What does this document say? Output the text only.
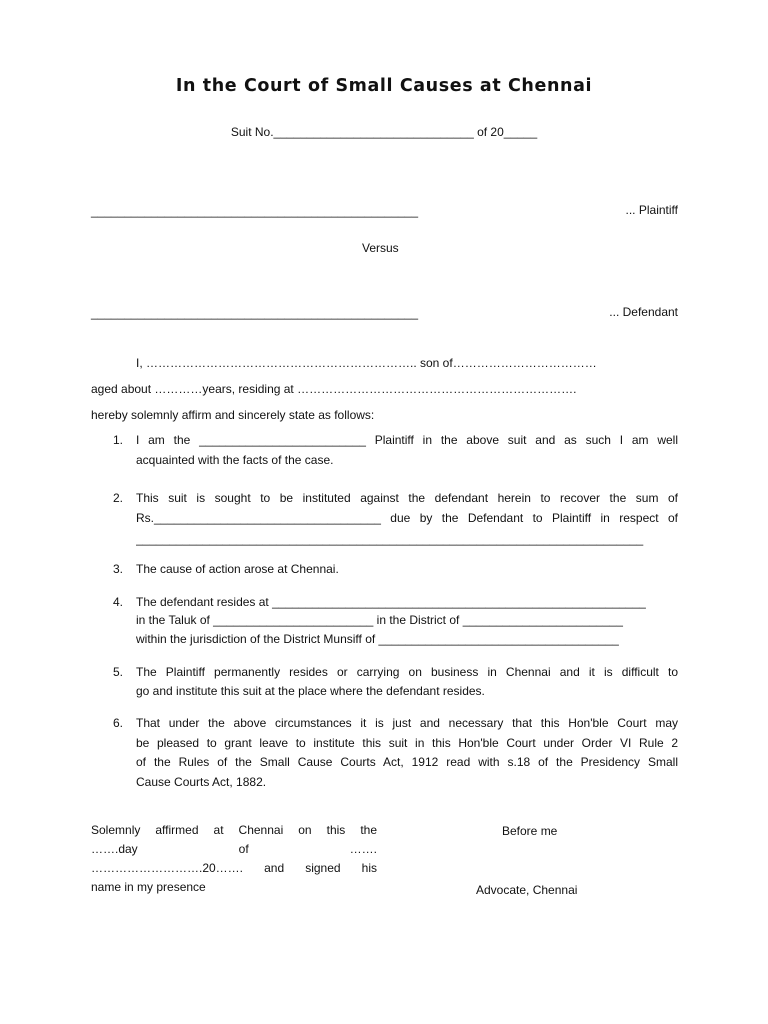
In the Court of Small Causes at Chennai
Suit No.______________________________ of 20_____
_________________________________________________	... Plaintiff
Versus
_________________________________________________	... Defendant
I, ………………………………………………………….. son of………………………………
aged about …………years, residing at …………………………………………………………….
hereby solemnly affirm and sincerely state as follows:
1. I am the _________________________ Plaintiff in the above suit and as such I am well
acquainted with the facts of the case.
2. This suit is sought to be instituted against the defendant herein to recover the sum of
Rs.__________________________________ due by the Defendant to Plaintiff in respect of
____________________________________________________________________________
3. The cause of action arose at Chennai.
4. The defendant resides at ________________________________________________________
in the Taluk of ________________________ in the District of ________________________
within the jurisdiction of the District Munsiff of ____________________________________
5. The Plaintiff permanently resides or carrying on business in Chennai and it is difficult to
go and institute this suit at the place where the defendant resides.
6. That under the above circumstances it is just and necessary that this Hon'ble Court may
be pleased to grant leave to institute this suit in this Hon'ble Court under Order VI Rule 2
of the Rules of the Small Cause Courts Act, 1912 read with s.18 of the Presidency Small
Cause Courts Act, 1882.
Solemnly affirmed at Chennai on this the
…….day of …….
……………………….20……. and signed his
name in my presence
Before me
Advocate, Chennai
